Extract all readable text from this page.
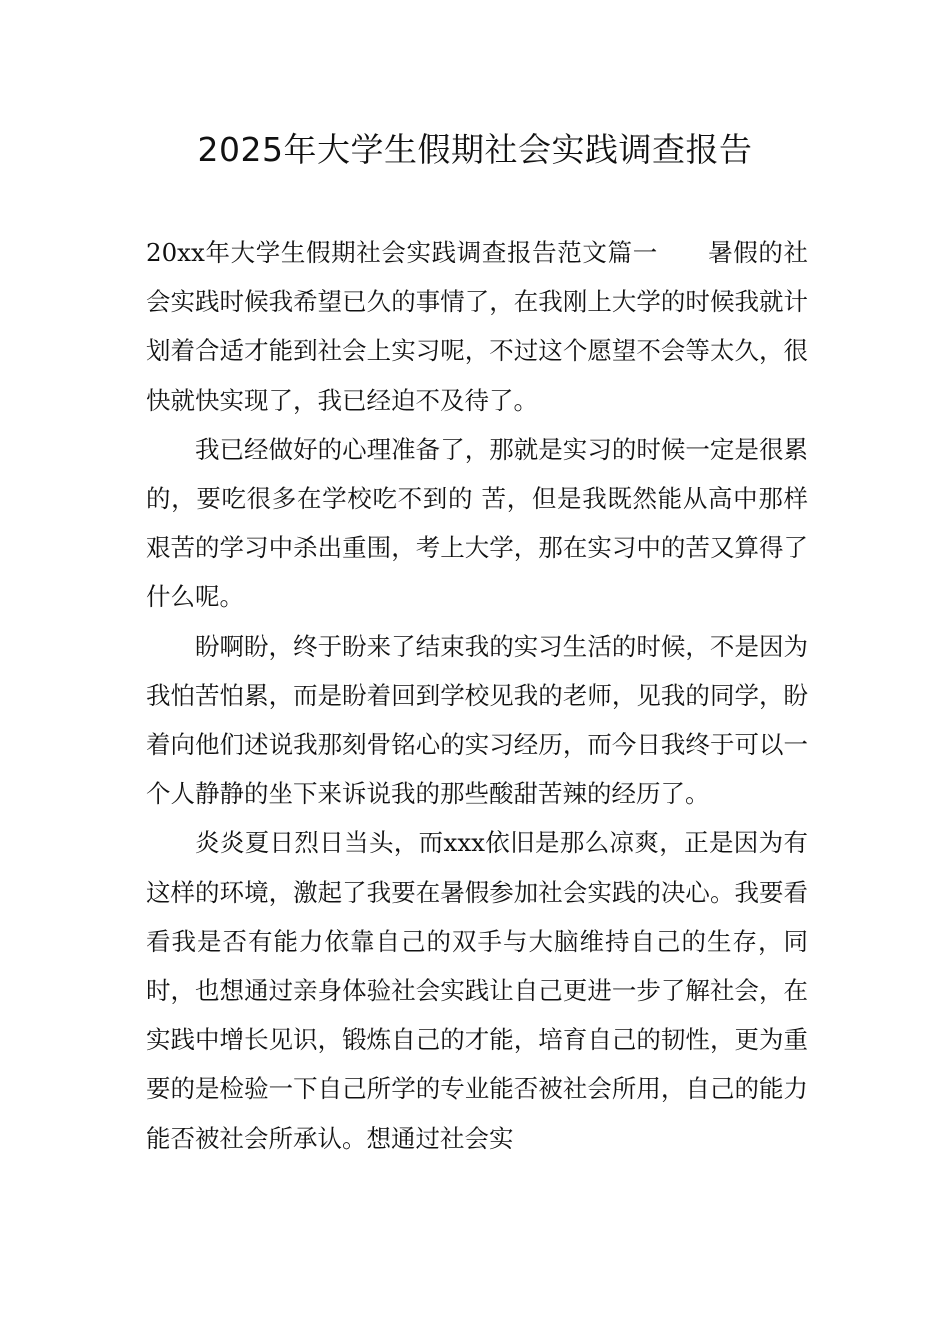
2025年大学生假期社会实践调查报告

20xx年大学生假期社会实践调查报告范文篇一　　暑假的社会实践时候我希望已久的事情了，在我刚上大学的时候我就计划着合适才能到社会上实习呢，不过这个愿望不会等太久，很快就快实现了，我已经迫不及待了。

我已经做好的心理准备了，那就是实习的时候一定是很累的，要吃很多在学校吃不到的 苦，但是我既然能从高中那样艰苦的学习中杀出重围，考上大学，那在实习中的苦又算得了什么呢。

盼啊盼，终于盼来了结束我的实习生活的时候，不是因为我怕苦怕累，而是盼着回到学校见我的老师，见我的同学，盼着向他们述说我那刻骨铭心的实习经历，而今日我终于可以一个人静静的坐下来诉说我的那些酸甜苦辣的经历了。

炎炎夏日烈日当头，而xxx依旧是那么凉爽，正是因为有这样的环境，激起了我要在暑假参加社会实践的决心。我要看看我是否有能力依靠自己的双手与大脑维持自己的生存，同时，也想通过亲身体验社会实践让自己更进一步了解社会，在实践中增长见识，锻炼自己的才能，培育自己的韧性，更为重要的是检验一下自己所学的专业能否被社会所用，自己的能力能否被社会所承认。想通过社会实
